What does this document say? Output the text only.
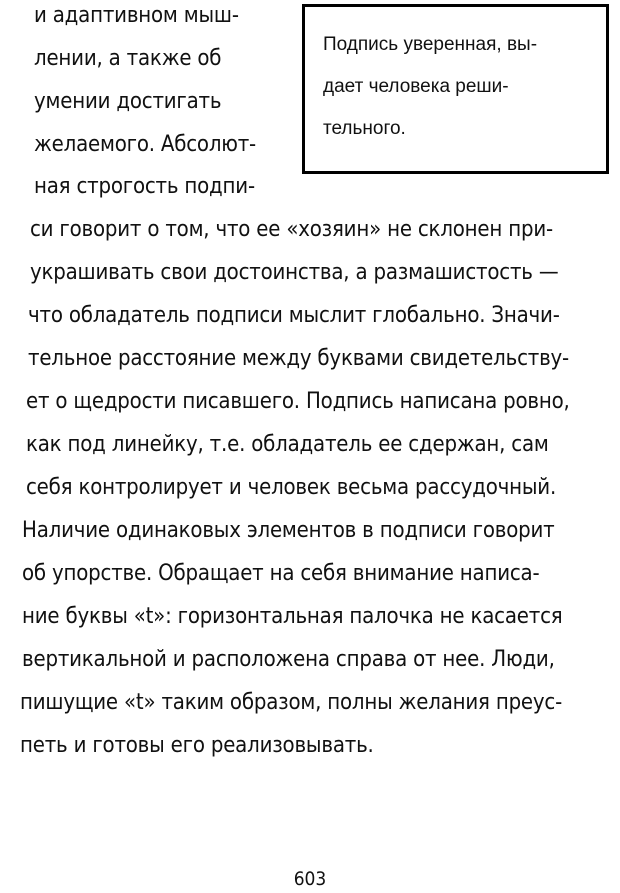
Подпись уверенная, вы-
дает человека реши-
тельного.
и адаптивном мыш-
лении, а также об
умении достигать
желаемого. Абсолют-
ная строгость подпи-
си говорит о том, что ее «хозяин» не склонен при-
украшивать свои достоинства, а размашистость —
что обладатель подписи мыслит глобально. Значи-
тельное расстояние между буквами свидетельству-
ет о щедрости писавшего. Подпись написана ровно,
как под линейку, т.е. обладатель ее сдержан, сам
себя контролирует и человек весьма рассудочный.
Наличие одинаковых элементов в подписи говорит
об упорстве. Обращает на себя внимание написа-
ние буквы «t»: горизонтальная палочка не касается
вертикальной и расположена справа от нее. Люди,
пишущие «t» таким образом, полны желания преус-
петь и готовы его реализовывать.
603
